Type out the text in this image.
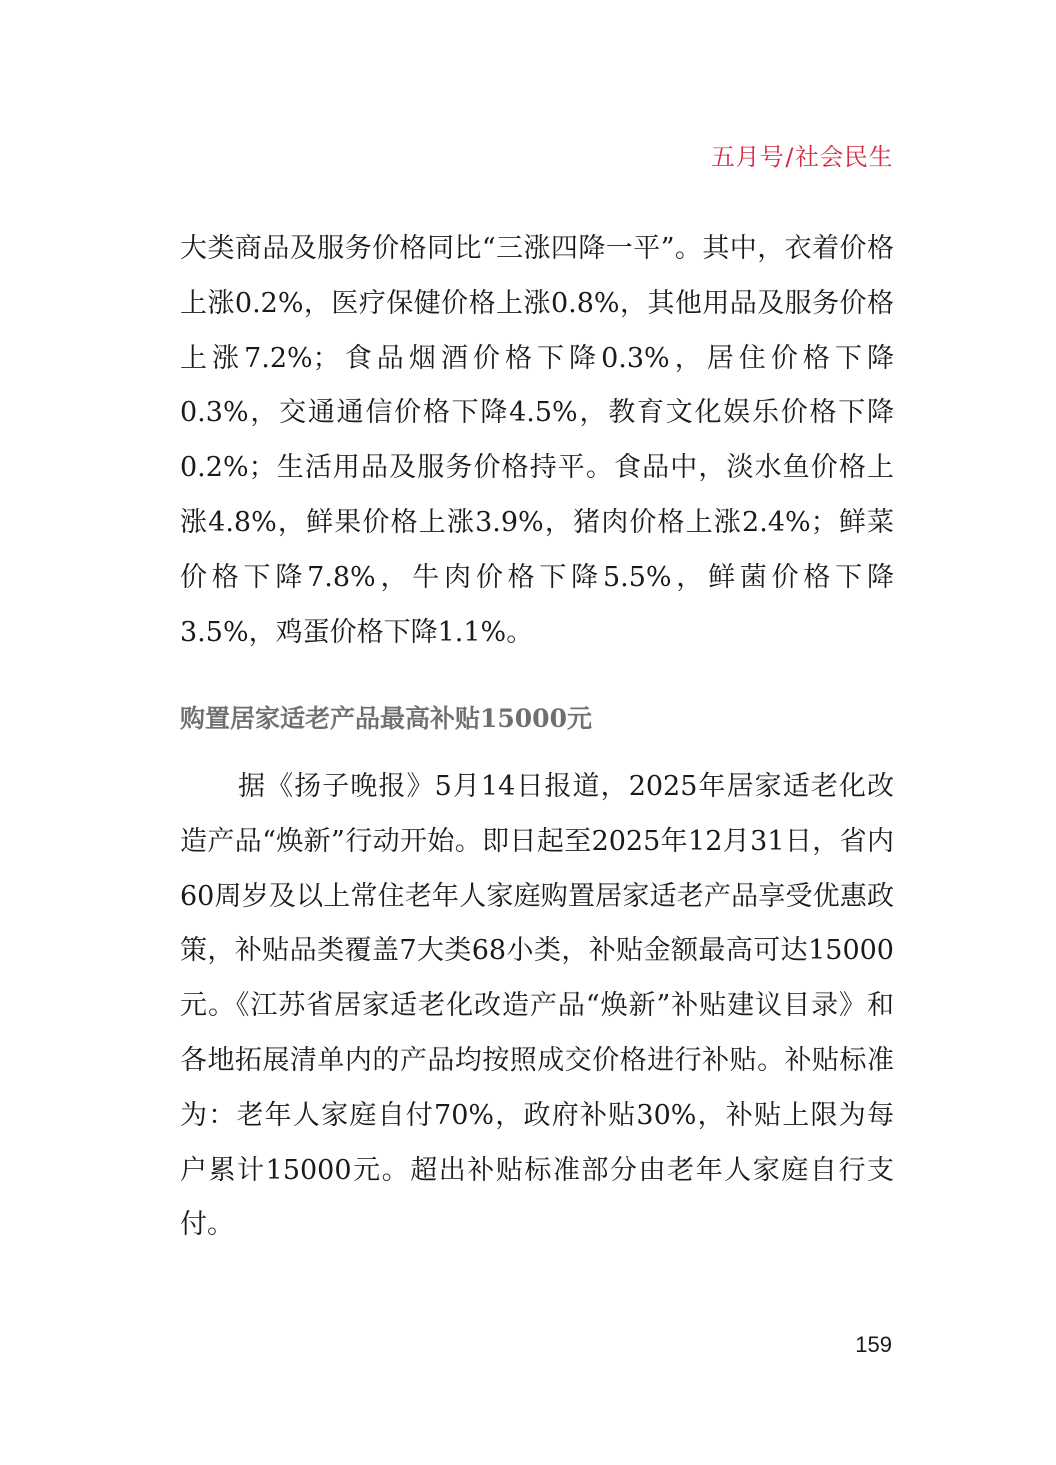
五月号/社会民生

大类商品及服务价格同比“三涨四降一平”。其中，衣着价格上涨0.2%，医疗保健价格上涨0.8%，其他用品及服务价格上涨7.2%；食品烟酒价格下降0.3%，居住价格下降0.3%，交通通信价格下降4.5%，教育文化娱乐价格下降0.2%；生活用品及服务价格持平。食品中，淡水鱼价格上涨4.8%，鲜果价格上涨3.9%，猪肉价格上涨2.4%；鲜菜价格下降7.8%，牛肉价格下降5.5%，鲜菌价格下降3.5%，鸡蛋价格下降1.1%。

购置居家适老产品最高补贴15000元

据《扬子晚报》5月14日报道，2025年居家适老化改造产品“焕新”行动开始。即日起至2025年12月31日，省内60周岁及以上常住老年人家庭购置居家适老产品享受优惠政策，补贴品类覆盖7大类68小类，补贴金额最高可达15000元。《江苏省居家适老化改造产品“焕新”补贴建议目录》和各地拓展清单内的产品均按照成交价格进行补贴。补贴标准为：老年人家庭自付70%，政府补贴30%，补贴上限为每户累计15000元。超出补贴标准部分由老年人家庭自行支付。

159
